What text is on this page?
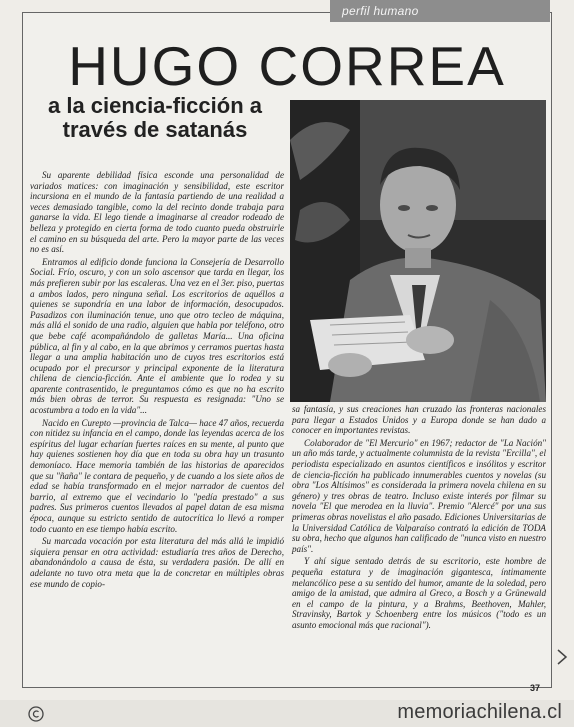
perfil humano
HUGO CORREA
a la ciencia-ficción a través de satanás

Su aparente debilidad física esconde una personalidad de variados matices: con imaginación y sensibilidad, este escritor incursiona en el mundo de la fantasía partiendo de una realidad a veces demasiado tangible, como la del recinto donde trabaja para ganarse la vida. El lego tiende a imaginarse al creador rodeado de belleza y protegido en cierta forma de todo cuanto pueda obstruirle el camino en su búsqueda del arte. Pero la mayor parte de las veces no es así.

Entramos al edificio donde funciona la Consejería de Desarrollo Social. Frío, oscuro, y con un solo ascensor que tarda en llegar, los más prefieren subir por las escaleras. Una vez en el 3er. piso, puertas a ambos lados, pero ninguna señal. Los escritorios de aquéllos a quienes se supondría en una labor de información, desocupados. Pasadizos con iluminación tenue, uno que otro tecleo de máquina, más allá el sonido de una radio, alguien que habla por teléfono, otro que bebe café acompañándolo de galletas María... Una oficina pública, al fin y al cabo, en la que abrimos y cerramos puertas hasta llegar a una amplia habitación uno de cuyos tres escritorios está ocupado por el precursor y principal exponente de la literatura chilena de ciencia-ficción. Ante el ambiente que lo rodea y su aparente contrasentido, le preguntamos cómo es que no ha escrito más bien obras de terror. Su respuesta es resignada: "Uno se acostumbra a todo en la vida"...

Nacido en Curepto —provincia de Talca— hace 47 años, recuerda con nitidez su infancia en el campo, donde las leyendas acerca de los espíritus del lugar echarían fuertes raíces en su mente, al punto que hay quienes sostienen hoy día que en toda su obra hay un trasunto demoníaco. Hace memoria también de las historias de aparecidos que su "ñaña" le contara de pequeño, y de cuando a los siete años de edad se había transformado en el mejor narrador de cuentos del barrio, al extremo que el vecindario lo "pedía prestado" a sus padres. Sus primeros cuentos llevados al papel datan de esa misma época, aunque su estricto sentido de autocrítica lo llevó a romper todo cuanto en ese tiempo había escrito.

Su marcada vocación por esta literatura del más allá le impidió siquiera pensar en otra actividad: estudiaría tres años de Derecho, abandonándolo a causa de ésta, su verdadera pasión. De allí en adelante no tuvo otra meta que la de concretar en múltiples obras ese mundo de copio-

sa fantasía, y sus creaciones han cruzado las fronteras nacionales para llegar a Estados Unidos y a Europa donde se han dado a conocer en importantes revistas.

Colaborador de "El Mercurio" en 1967; redactor de "La Nación" un año más tarde, y actualmente columnista de la revista "Ercilla", el periodista especializado en asuntos científicos e insólitos y escritor de ciencia-ficción ha publicado innumerables cuentos y novelas (su obra "Los Altísimos" es considerada la primera novela chilena en su género) y tres obras de teatro. Incluso existe interés por filmar su novela "El que merodea en la lluvia". Premio "Alercé" por una sus primeras obras novelistas el año pasado. Ediciones Universitarias de la Universidad Católica de Valparaíso contrató la edición de TODA su obra, hecho que algunos han calificado de "nunca visto en nuestro país".

Y ahí sigue sentado detrás de su escritorio, este hombre de pequeña estatura y de imaginación gigantesca, íntimamente melancólico pese a su sentido del humor, amante de la soledad, pero amigo de la amistad, que admira al Greco, a Bosch y a Grünewald en el campo de la pintura, y a Brahms, Beethoven, Mahler, Stravinsky, Bartok y Schoenberg entre los músicos ("todo es un asunto emocional más que racional").

37
memoriachilena.cl
